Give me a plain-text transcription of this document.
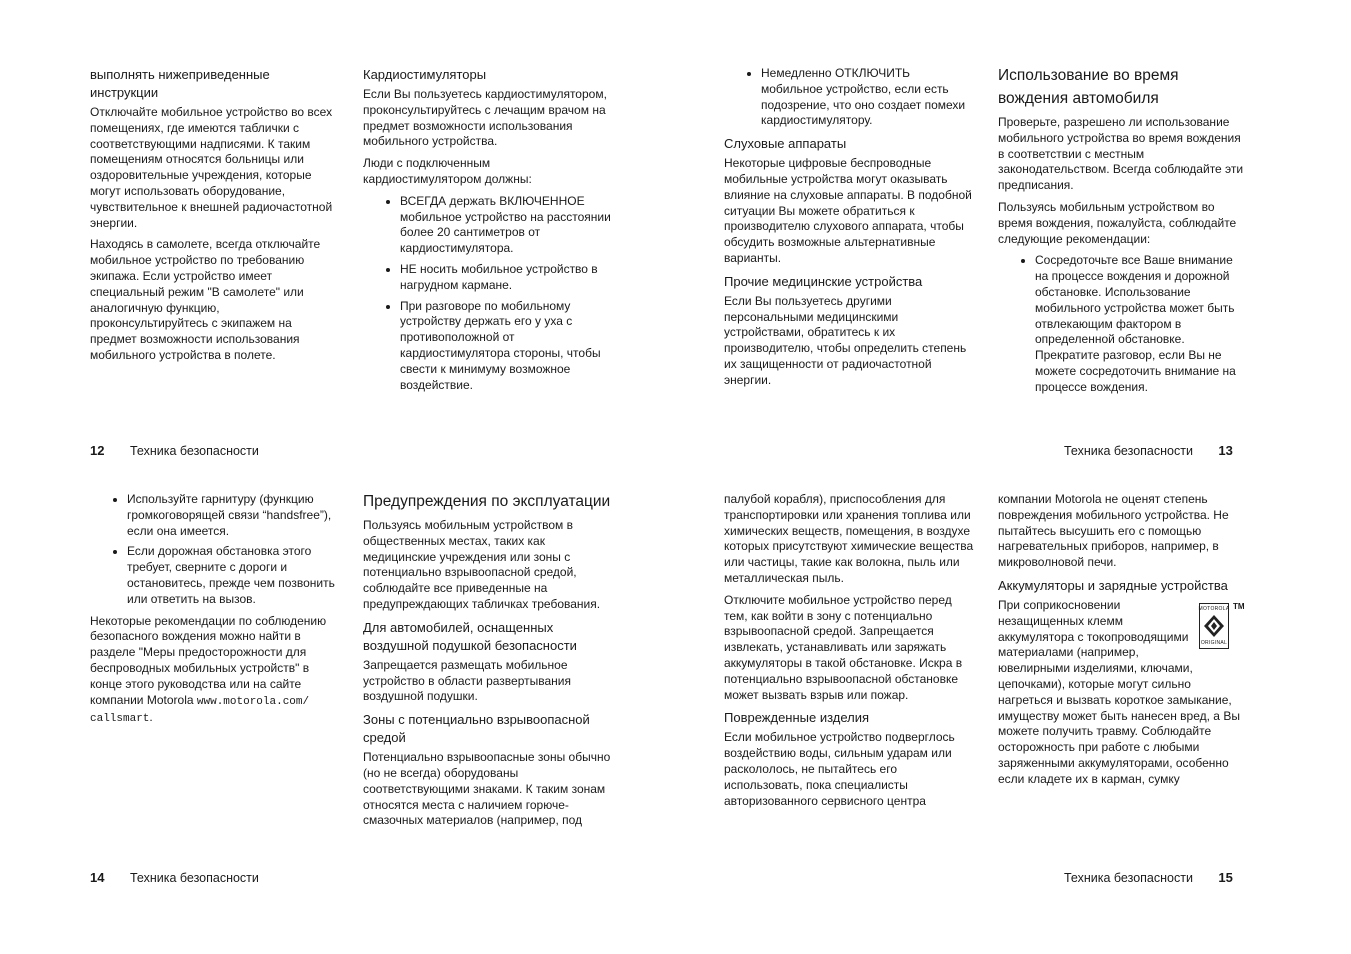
выполнять нижеприведенные инструкции

Отключайте мобильное устройство во всех помещениях, где имеются таблички с соответствующими надписями. К таким помещениям относятся больницы или оздоровительные учреждения, которые могут использовать оборудование, чувствительное к внешней радиочастотной энергии.

Находясь в самолете, всегда отключайте мобильное устройство по требованию экипажа. Если устройство имеет специальный режим "В самолете" или аналогичную функцию, проконсультируйтесь с экипажем на предмет возможности использования мобильного устройства в полете.

Кардиостимуляторы

Если Вы пользуетесь кардиостимулятором, проконсультируйтесь с лечащим врачом на предмет возможности использования мобильного устройства.

Люди с подключенным кардиостимулятором должны:

• ВСЕГДА держать ВКЛЮЧЕННОЕ мобильное устройство на расстоянии более 20 сантиметров от кардиостимулятора.
• НЕ носить мобильное устройство в нагрудном кармане.
• При разговоре по мобильному устройству держать его у уха с противоположной от кардиостимулятора стороны, чтобы свести к минимуму возможное воздействие.
12 Техника безопасности
• Немедленно ОТКЛЮЧИТЬ мобильное устройство, если есть подозрение, что оно создает помехи кардиостимулятору.
Слуховые аппараты

Некоторые цифровые беспроводные мобильные устройства могут оказывать влияние на слуховые аппараты. В подобной ситуации Вы можете обратиться к производителю слухового аппарата, чтобы обсудить возможные альтернативные варианты.

Прочие медицинские устройства

Если Вы пользуетесь другими персональными медицинскими устройствами, обратитесь к их производителю, чтобы определить степень их защищенности от радиочастотной энергии.

Использование во время вождения автомобиля

Проверьте, разрешено ли использование мобильного устройства во время вождения в соответствии с местным законодательством. Всегда соблюдайте эти предписания.

Пользуясь мобильным устройством во время вождения, пожалуйста, соблюдайте следующие рекомендации:

• Сосредоточьте все Ваше внимание на процессе вождения и дорожной обстановке. Использование мобильного устройства может быть отвлекающим фактором в определенной обстановке. Прекратите разговор, если Вы не можете сосредоточить внимание на процессе вождения.
Техника безопасности 13
• Используйте гарнитуру (функцию громкоговорящей связи “handsfree”), если она имеется.
• Если дорожная обстановка этого требует, сверните с дороги и остановитесь, прежде чем позвонить или ответить на вызов.

Некоторые рекомендации по соблюдению безопасного вождения можно найти в разделе "Меры предосторожности для беспроводных мобильных устройств" в конце этого руководства или на сайте компании Motorola www.motorola.com/ callsmart.

Предупреждения по эксплуатации

Пользуясь мобильным устройством в общественных местах, таких как медицинские учреждения или зоны с потенциально взрывоопасной средой, соблюдайте все приведенные на предупреждающих табличках требования.

Для автомобилей, оснащенных воздушной подушкой безопасности

Запрещается размещать мобильное устройство в области развертывания воздушной подушки.

Зоны с потенциально взрывоопасной средой

Потенциально взрывоопасные зоны обычно (но не всегда) оборудованы соответствующими знаками. К таким зонам относятся места с наличием горюче-смазочных материалов (например, под

14 Техника безопасности

палубой корабля), приспособления для транспортировки или хранения топлива или химических веществ, помещения, в воздухе которых присутствуют химические вещества или частицы, такие как волокна, пыль или металлическая пыль.

Отключите мобильное устройство перед тем, как войти в зону с потенциально взрывоопасной средой. Запрещается извлекать, устанавливать или заряжать аккумуляторы в такой обстановке. Искра в потенциально взрывоопасной обстановке может вызвать взрыв или пожар.

Поврежденные изделия

Если мобильное устройство подверглось воздействию воды, сильным ударам или раскололось, не пытайтесь его использовать, пока специалисты авторизованного сервисного центра

компании Motorola не оценят степень повреждения мобильного устройства. Не пытайтесь высушить его с помощью нагревательных приборов, например, в микроволновой печи.

Аккумуляторы и зарядные устройства

При соприкосновении незащищенных клемм аккумулятора с токопроводящими материалами (например, ювелирными изделиями, ключами, цепочками), которые могут сильно нагреться и вызвать короткое замыкание, имуществу может быть нанесен вред, а Вы можете получить травму. Соблюдайте осторожность при работе с любыми заряженными аккумуляторами, особенно если кладете их в карман, сумку

MOTOROLA
ORIGINAL
TM
Техника безопасности 15
